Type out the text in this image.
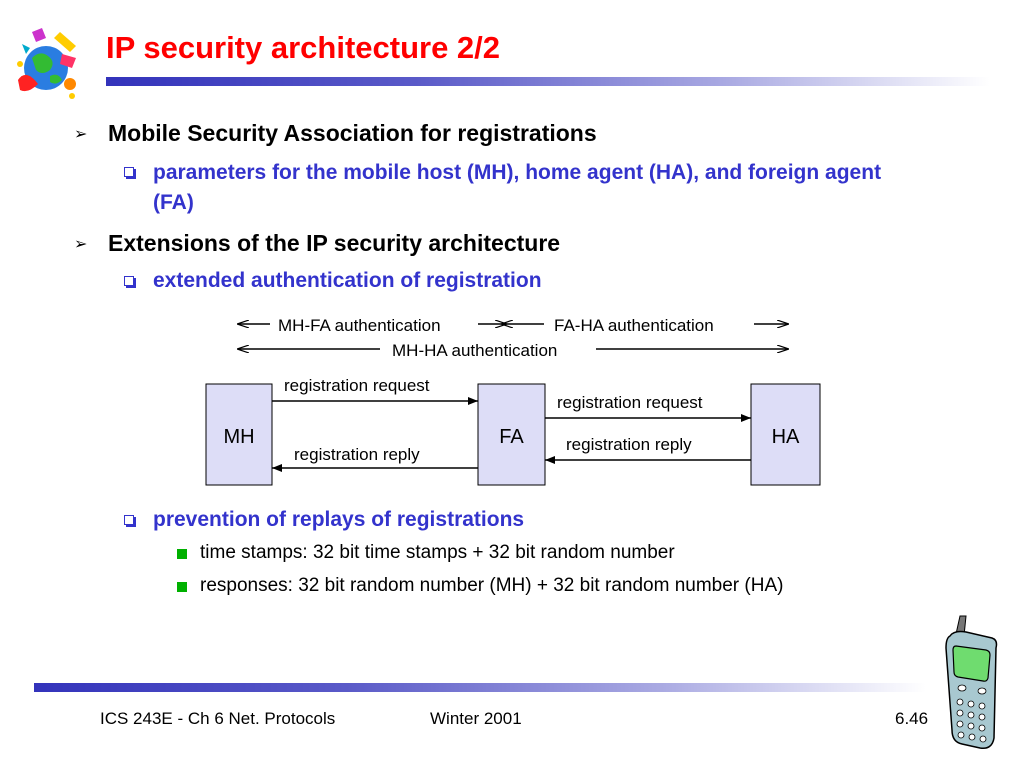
IP security architecture 2/2
➢ Mobile Security Association for registrations
parameters for the mobile host (MH), home agent (HA), and foreign agent (FA)
➢ Extensions of the IP security architecture
extended authentication of registration
MH-FA authentication	FA-HA authentication
MH-HA authentication
MH	FA	HA
registration request
registration reply
registration request
registration reply
prevention of replays of registrations
time stamps: 32 bit time stamps + 32 bit random number
responses: 32 bit random number (MH) + 32 bit random number (HA)
ICS 243E - Ch 6 Net. Protocols	Winter 2001	6.46
